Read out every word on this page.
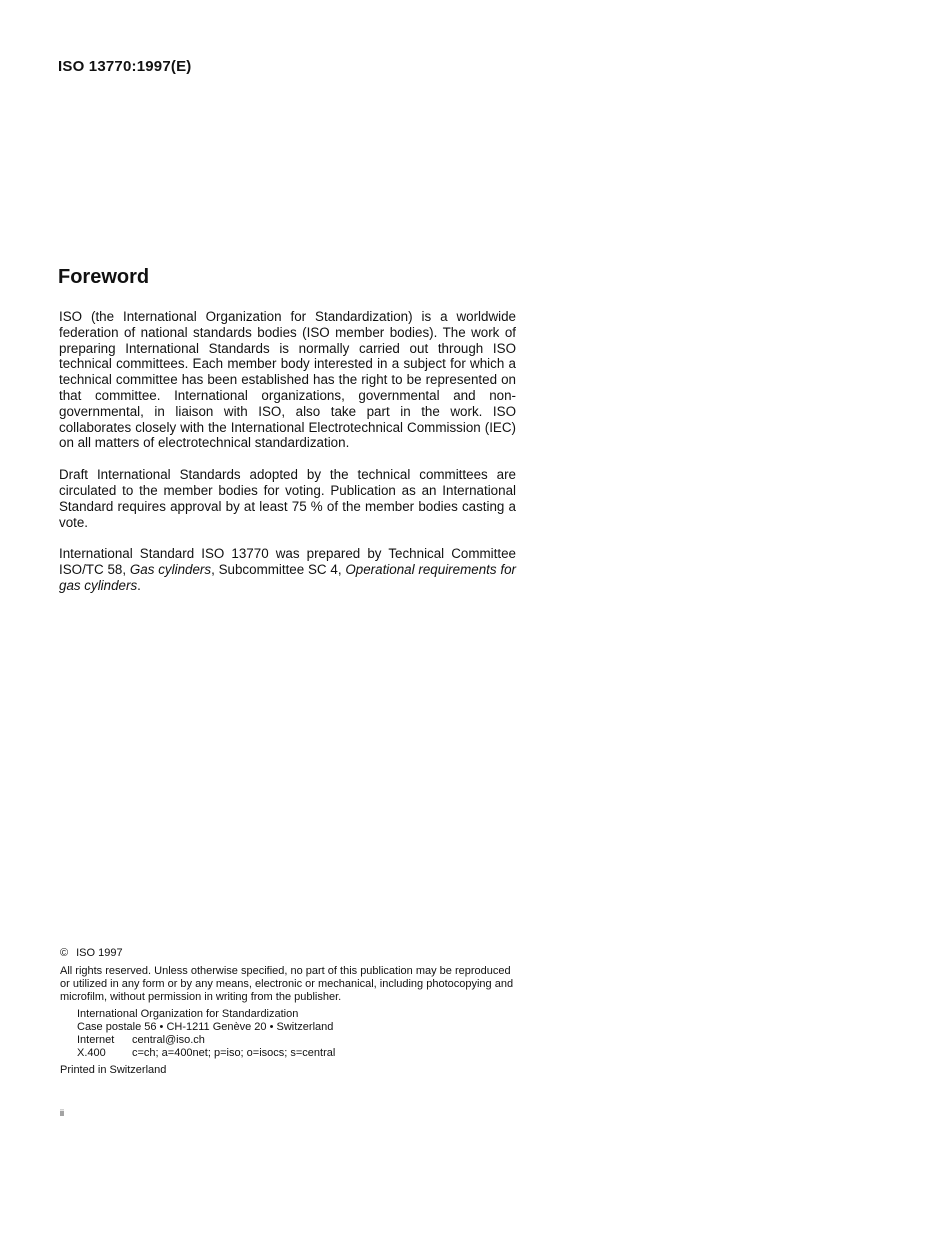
ISO 13770:1997(E)
Foreword

ISO (the International Organization for Standardization) is a worldwide federation of national standards bodies (ISO member bodies). The work of preparing International Standards is normally carried out through ISO technical committees. Each member body interested in a subject for which a technical committee has been established has the right to be represented on that committee. International organizations, governmental and non-governmental, in liaison with ISO, also take part in the work. ISO collaborates closely with the International Electrotechnical Commission (IEC) on all matters of electrotechnical standardization.

Draft International Standards adopted by the technical committees are circulated to the member bodies for voting. Publication as an International Standard requires approval by at least 75 % of the member bodies casting a vote.

International Standard ISO 13770 was prepared by Technical Committee ISO/TC 58, Gas cylinders, Subcommittee SC 4, Operational requirements for gas cylinders.

© ISO 1997

All rights reserved. Unless otherwise specified, no part of this publication may be reproduced or utilized in any form or by any means, electronic or mechanical, including photocopying and microfilm, without permission in writing from the publisher.

International Organization for Standardization
Case postale 56 • CH-1211 Genève 20 • Switzerland
Internet	central@iso.ch
X.400	c=ch; a=400net; p=iso; o=isocs; s=central
Printed in Switzerland
ii
